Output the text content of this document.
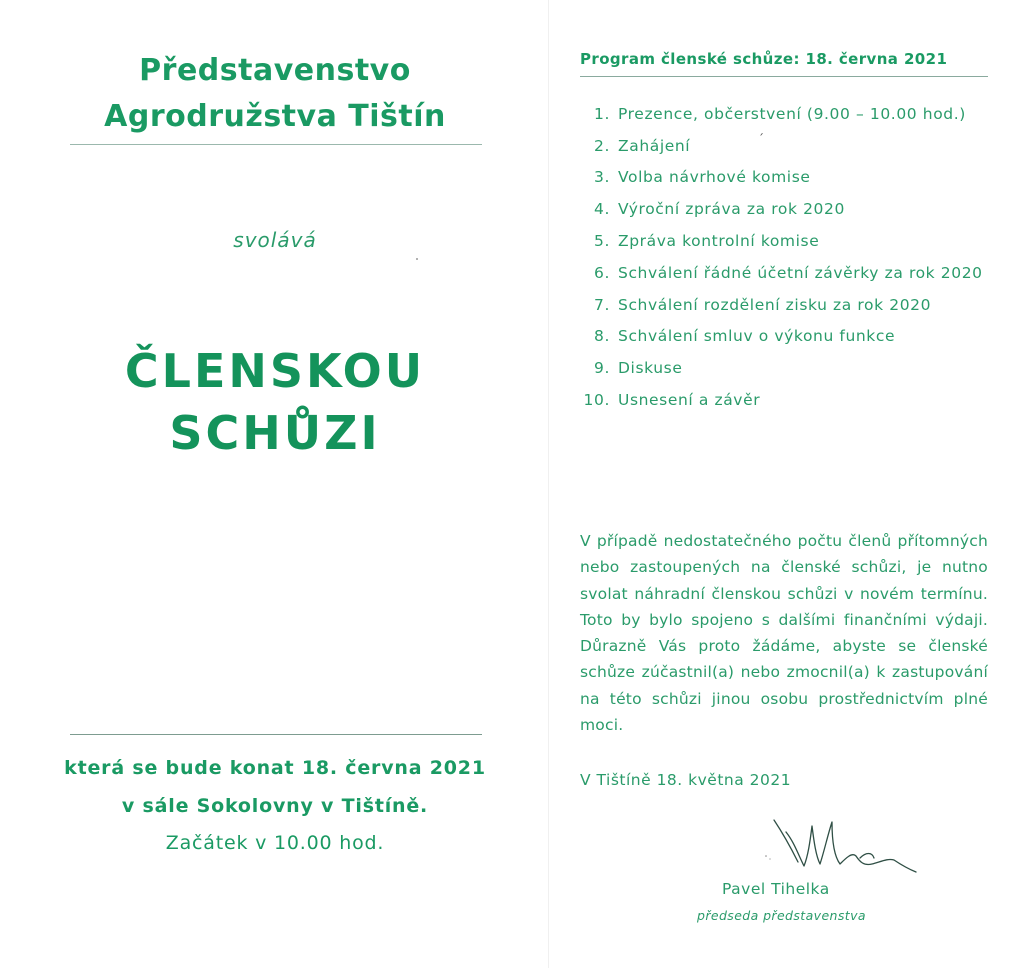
Představenstvo
Agrodružstva Tištín
svolává
ČLENSKOU
SCHŮZI
která se bude konat 18. června 2021
v sále Sokolovny v Tištíně.
Začátek v 10.00 hod.
Program členské schůze: 18. června 2021
1. Prezence, občerstvení (9.00 – 10.00 hod.)
2. Zahájení
3. Volba návrhové komise
4. Výroční zpráva za rok 2020
5. Zpráva kontrolní komise
6. Schválení řádné účetní závěrky za rok 2020
7. Schválení rozdělení zisku za rok 2020
8. Schválení smluv o výkonu funkce
9. Diskuse
10. Usnesení a závěr
´
V případě nedostatečného počtu členů přítomných nebo zastoupených na členské schůzi, je nutno svolat náhradní členskou schůzi v novém termínu. Toto by bylo spojeno s dalšími finančními výdaji. Důrazně Vás proto žádáme, abyste se členské schůze zúčastnil(a) nebo zmocnil(a) k zastupování na této schůzi jinou osobu prostřednictvím plné moci.
V Tištíně 18. května 2021
Pavel Tihelka
předseda představenstva
